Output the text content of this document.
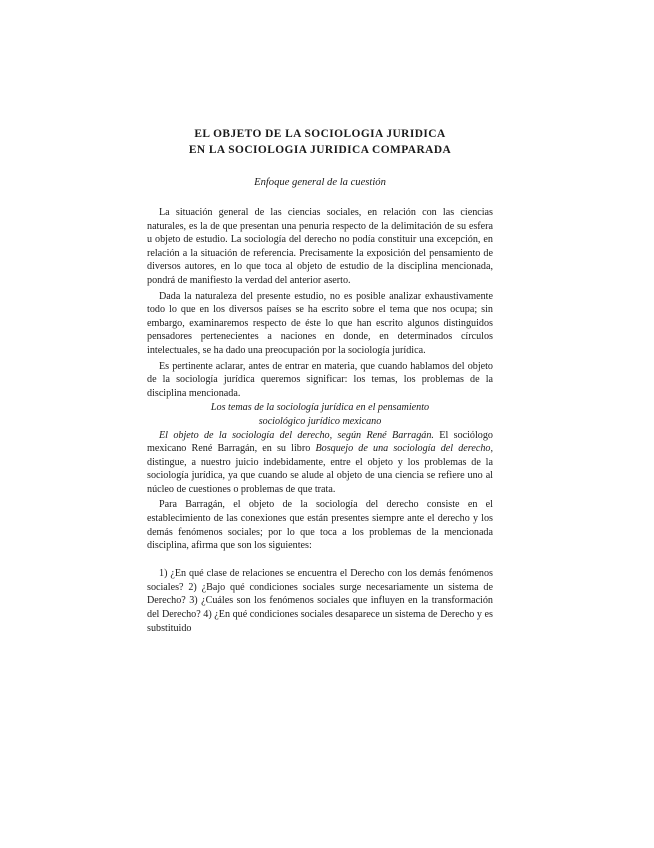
EL OBJETO DE LA SOCIOLOGIA JURIDICA
EN LA SOCIOLOGIA JURIDICA COMPARADA
Enfoque general de la cuestión

La situación general de las ciencias sociales, en relación con las ciencias naturales, es la de que presentan una penuria respecto de la delimitación de su esfera u objeto de estudio. La sociología del derecho no podía constituir una excepción, en relación a la situación de referencia. Precisamente la exposición del pensamiento de diversos autores, en lo que toca al objeto de estudio de la disciplina mencionada, pondrá de manifiesto la verdad del anterior aserto.

Dada la naturaleza del presente estudio, no es posible analizar exhaustivamente todo lo que en los diversos países se ha escrito sobre el tema que nos ocupa; sin embargo, examinaremos respecto de éste lo que han escrito algunos distinguidos pensadores pertenecientes a naciones en donde, en determinados círculos intelectuales, se ha dado una preocupación por la sociología jurídica.

Es pertinente aclarar, antes de entrar en materia, que cuando hablamos del objeto de la sociología jurídica queremos significar: los temas, los problemas de la disciplina mencionada.

Los temas de la sociología jurídica en el pensamiento
sociológico jurídico mexicano

El objeto de la sociología del derecho, según René Barragán. El sociólogo mexicano René Barragán, en su libro Bosquejo de una sociología del derecho, distingue, a nuestro juicio indebidamente, entre el objeto y los problemas de la sociología jurídica, ya que cuando se alude al objeto de una ciencia se refiere uno al núcleo de cuestiones o problemas de que trata.

Para Barragán, el objeto de la sociología del derecho consiste en el establecimiento de las conexiones que están presentes siempre ante el derecho y los demás fenómenos sociales; por lo que toca a los problemas de la mencionada disciplina, afirma que son los siguientes:

1) ¿En qué clase de relaciones se encuentra el Derecho con los demás fenómenos sociales? 2) ¿Bajo qué condiciones sociales surge necesariamente un sistema de Derecho? 3) ¿Cuáles son los fenómenos sociales que influyen en la transformación del Derecho? 4) ¿En qué condiciones sociales desaparece un sistema de Derecho y es substituido
